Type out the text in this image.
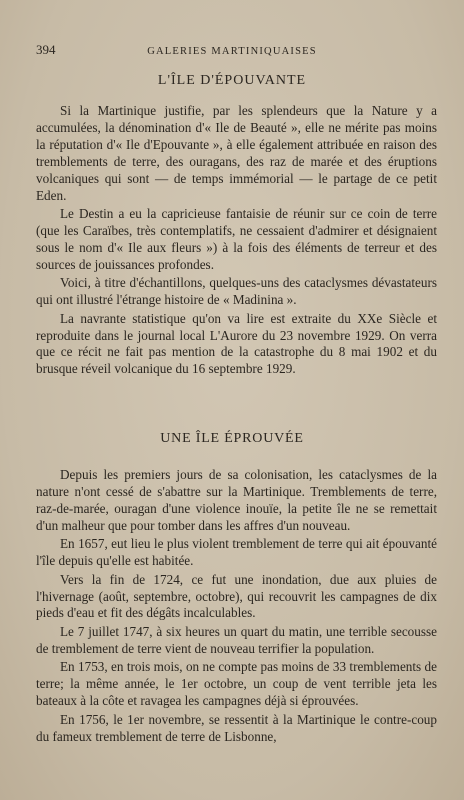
394	GALERIES MARTINIQUAISES
L'ÎLE D'ÉPOUVANTE

Si la Martinique justifie, par les splendeurs que la Nature y a accumulées, la dénomination d'« Ile de Beauté », elle ne mérite pas moins la réputation d'« Ile d'Epouvante », à elle également attribuée en raison des tremblements de terre, des ouragans, des raz de marée et des éruptions volcaniques qui sont — de temps immémorial — le partage de ce petit Eden.

Le Destin a eu la capricieuse fantaisie de réunir sur ce coin de terre (que les Caraïbes, très contemplatifs, ne cessaient d'admirer et désignaient sous le nom d'« Ile aux fleurs ») à la fois des éléments de terreur et des sources de jouissances profondes.

Voici, à titre d'échantillons, quelques-uns des cataclysmes dévastateurs qui ont illustré l'étrange histoire de « Madinina ».

La navrante statistique qu'on va lire est extraite du XXe Siècle et reproduite dans le journal local L'Aurore du 23 novembre 1929. On verra que ce récit ne fait pas mention de la catastrophe du 8 mai 1902 et du brusque réveil volcanique du 16 septembre 1929.

UNE ÎLE ÉPROUVÉE

Depuis les premiers jours de sa colonisation, les cataclysmes de la nature n'ont cessé de s'abattre sur la Martinique. Tremblements de terre, raz-de-marée, ouragan d'une violence inouïe, la petite île ne se remettait d'un malheur que pour tomber dans les affres d'un nouveau.

En 1657, eut lieu le plus violent tremblement de terre qui ait épouvanté l'île depuis qu'elle est habitée.

Vers la fin de 1724, ce fut une inondation, due aux pluies de l'hivernage (août, septembre, octobre), qui recouvrit les campagnes de dix pieds d'eau et fit des dégâts incalculables.

Le 7 juillet 1747, à six heures un quart du matin, une terrible secousse de tremblement de terre vient de nouveau terrifier la population.

En 1753, en trois mois, on ne compte pas moins de 33 tremblements de terre; la même année, le 1er octobre, un coup de vent terrible jeta les bateaux à la côte et ravagea les campagnes déjà si éprouvées.

En 1756, le 1er novembre, se ressentit à la Martinique le contre-coup du fameux tremblement de terre de Lisbonne,
